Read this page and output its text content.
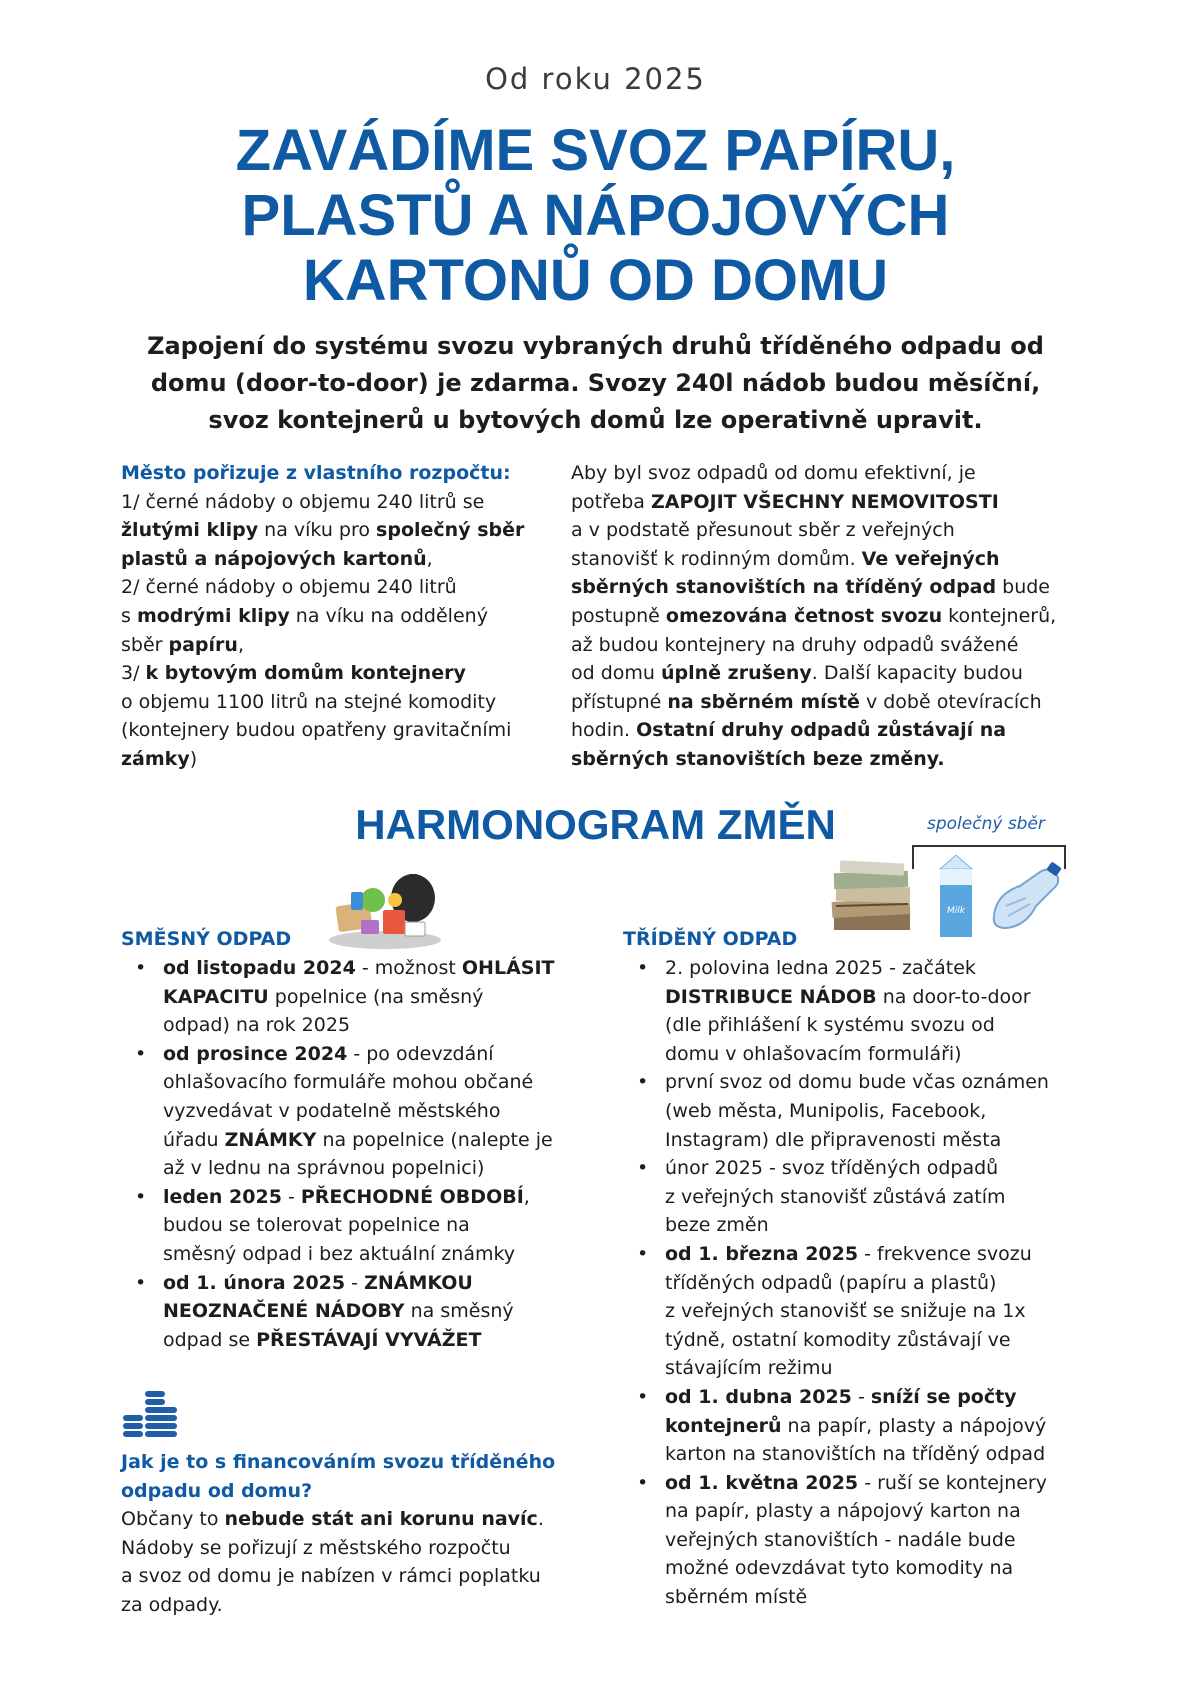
Od roku 2025
ZAVÁDÍME SVOZ PAPÍRU,
PLASTŮ A NÁPOJOVÝCH
KARTONŮ OD DOMU
Zapojení do systému svozu vybraných druhů tříděného odpadu od
domu (door-to-door) je zdarma. Svozy 240l nádob budou měsíční,
svoz kontejnerů u bytových domů lze operativně upravit.
Město pořizuje z vlastního rozpočtu:
1/ černé nádoby o objemu 240 litrů se
žlutými klipy na víku pro společný sběr
plastů a nápojových kartonů,
2/ černé nádoby o objemu 240 litrů
s modrými klipy na víku na oddělený
sběr papíru,
3/ k bytovým domům kontejnery
o objemu 1100 litrů na stejné komodity
(kontejnery budou opatřeny gravitačními
zámky)
Aby byl svoz odpadů od domu efektivní, je
potřeba ZAPOJIT VŠECHNY NEMOVITOSTI
a v podstatě přesunout sběr z veřejných
stanovišť k rodinným domům. Ve veřejných
sběrných stanovištích na tříděný odpad bude
postupně omezována četnost svozu kontejnerů,
až budou kontejnery na druhy odpadů svážené
od domu úplně zrušeny. Další kapacity budou
přístupné na sběrném místě v době otevíracích
hodin. Ostatní druhy odpadů zůstávají na
sběrných stanovištích beze změny.
HARMONOGRAM ZMĚN	společný sběr
Milk
SMĚSNÝ ODPAD	TŘÍDĚNÝ ODPAD
• od listopadu 2024 - možnost OHLÁSIT
KAPACITU popelnice (na směsný
odpad) na rok 2025
• od prosince 2024 - po odevzdání
ohlašovacího formuláře mohou občané
vyzvedávat v podatelně městského
úřadu ZNÁMKY na popelnice (nalepte je
až v lednu na správnou popelnici)
• leden 2025 - PŘECHODNÉ OBDOBÍ,
budou se tolerovat popelnice na
směsný odpad i bez aktuální známky
• od 1. února 2025 - ZNÁMKOU
NEOZNAČENÉ NÁDOBY na směsný
odpad se PŘESTÁVAJÍ VYVÁŽET
Jak je to s financováním svozu tříděného
odpadu od domu?
Občany to nebude stát ani korunu navíc.
Nádoby se pořizují z městského rozpočtu
a svoz od domu je nabízen v rámci poplatku
za odpady.
• 2. polovina ledna 2025 - začátek
DISTRIBUCE NÁDOB na door-to-door
(dle přihlášení k systému svozu od
domu v ohlašovacím formuláři)
• první svoz od domu bude včas oznámen
(web města, Munipolis, Facebook,
Instagram) dle připravenosti města
• únor 2025 - svoz tříděných odpadů
z veřejných stanovišť zůstává zatím
beze změn
• od 1. března 2025 - frekvence svozu
tříděných odpadů (papíru a plastů)
z veřejných stanovišť se snižuje na 1x
týdně, ostatní komodity zůstávají ve
stávajícím režimu
• od 1. dubna 2025 - sníží se počty
kontejnerů na papír, plasty a nápojový
karton na stanovištích na tříděný odpad
• od 1. května 2025 - ruší se kontejnery
na papír, plasty a nápojový karton na
veřejných stanovištích - nadále bude
možné odevzdávat tyto komodity na
sběrném místě
